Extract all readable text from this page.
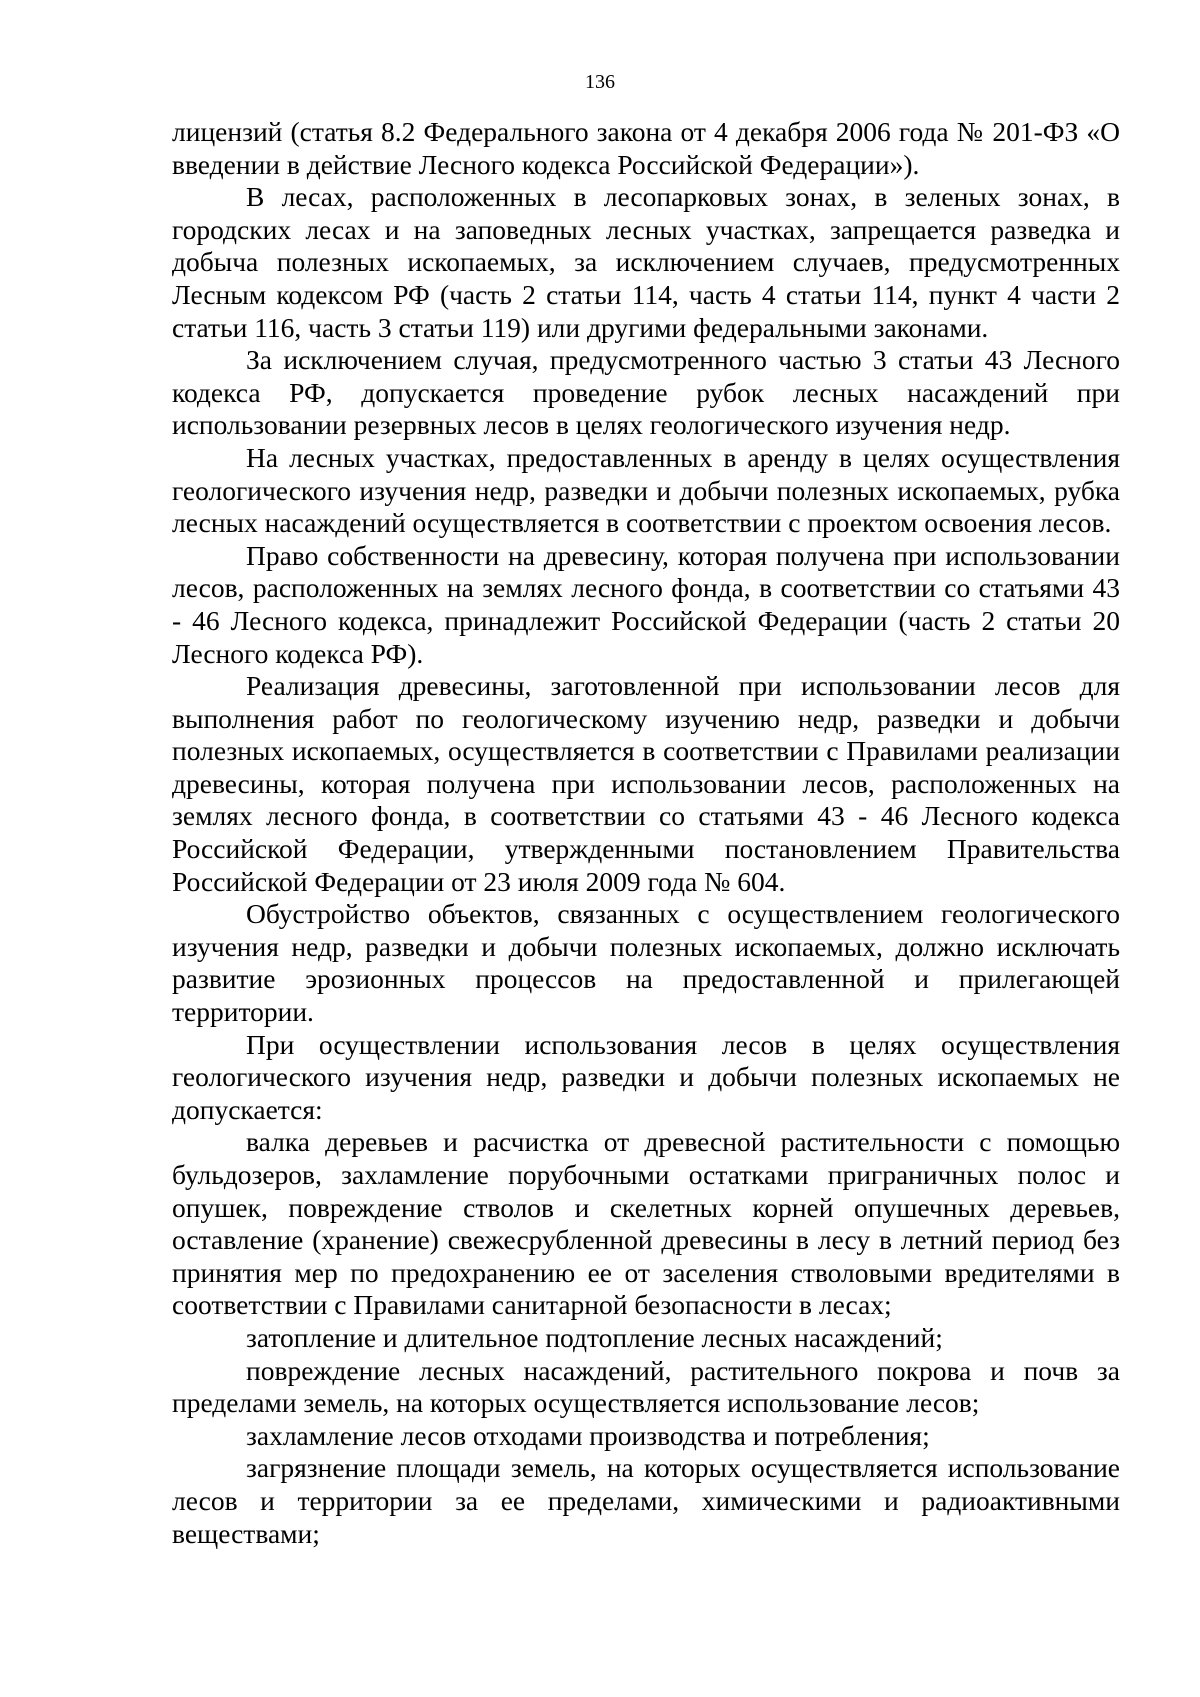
136

лицензий (статья 8.2 Федерального закона от 4 декабря 2006 года № 201-ФЗ «О введении в действие Лесного кодекса Российской Федерации»).

В лесах, расположенных в лесопарковых зонах, в зеленых зонах, в городских лесах и на заповедных лесных участках, запрещается разведка и добыча полезных ископаемых, за исключением случаев, предусмотренных Лесным кодексом РФ (часть 2 статьи 114, часть 4 статьи 114, пункт 4 части 2 статьи 116, часть 3 статьи 119) или другими федеральными законами.

За исключением случая, предусмотренного частью 3 статьи 43 Лесного кодекса РФ, допускается проведение рубок лесных насаждений при использовании резервных лесов в целях геологического изучения недр.

На лесных участках, предоставленных в аренду в целях осуществления геологического изучения недр, разведки и добычи полезных ископаемых, рубка лесных насаждений осуществляется в соответствии с проектом освоения лесов.

Право собственности на древесину, которая получена при использовании лесов, расположенных на землях лесного фонда, в соответствии со статьями 43 - 46 Лесного кодекса, принадлежит Российской Федерации (часть 2 статьи 20 Лесного кодекса РФ).

Реализация древесины, заготовленной при использовании лесов для выполнения работ по геологическому изучению недр, разведки и добычи полезных ископаемых, осуществляется в соответствии с Правилами реализации древесины, которая получена при использовании лесов, расположенных на землях лесного фонда, в соответствии со статьями 43 - 46 Лесного кодекса Российской Федерации, утвержденными постановлением Правительства Российской Федерации от 23 июля 2009 года № 604.

Обустройство объектов, связанных с осуществлением геологического изучения недр, разведки и добычи полезных ископаемых, должно исключать развитие эрозионных процессов на предоставленной и прилегающей территории.

При осуществлении использования лесов в целях осуществления геологического изучения недр, разведки и добычи полезных ископаемых не допускается:

валка деревьев и расчистка от древесной растительности с помощью бульдозеров, захламление порубочными остатками приграничных полос и опушек, повреждение стволов и скелетных корней опушечных деревьев, оставление (хранение) свежесрубленной древесины в лесу в летний период без принятия мер по предохранению ее от заселения стволовыми вредителями в соответствии с Правилами санитарной безопасности в лесах;

затопление и длительное подтопление лесных насаждений;

повреждение лесных насаждений, растительного покрова и почв за пределами земель, на которых осуществляется использование лесов;

захламление лесов отходами производства и потребления;

загрязнение площади земель, на которых осуществляется использование лесов и территории за ее пределами, химическими и радиоактивными веществами;
